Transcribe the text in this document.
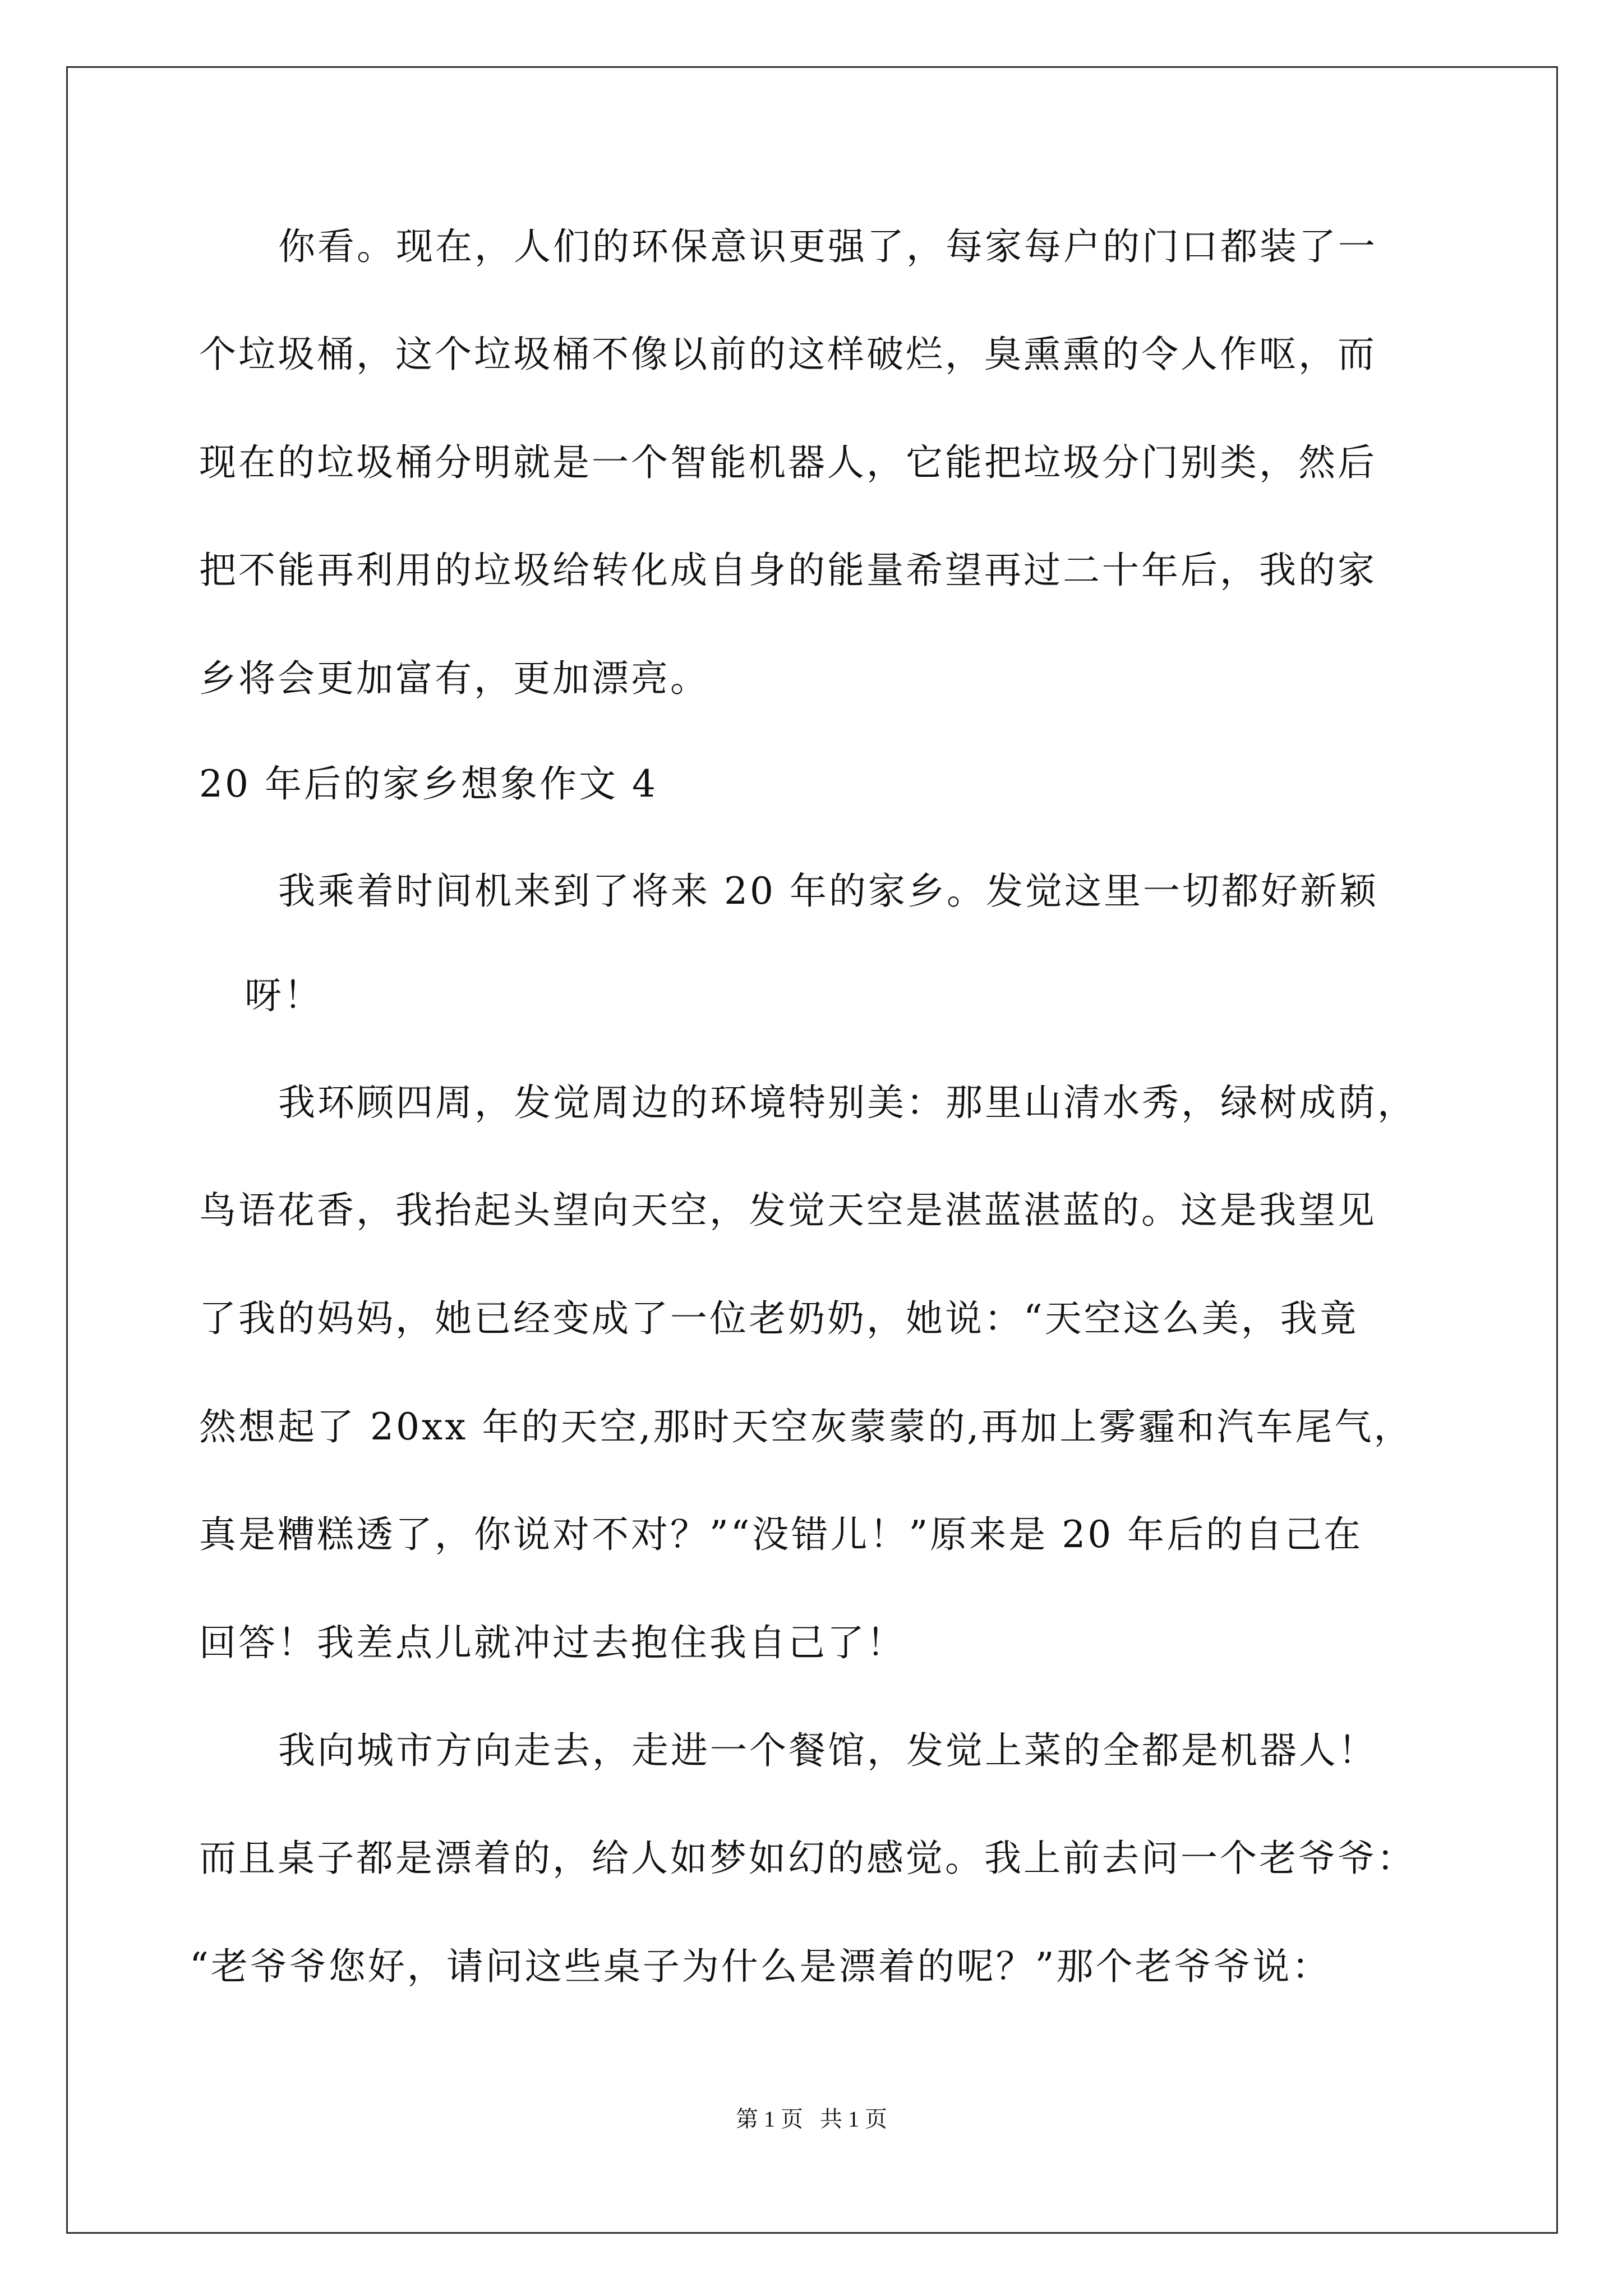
你看。现在，人们的环保意识更强了，每家每户的门口都装了一
个垃圾桶，这个垃圾桶不像以前的这样破烂，臭熏熏的令人作呕，而
现在的垃圾桶分明就是一个智能机器人，它能把垃圾分门别类，然后
把不能再利用的垃圾给转化成自身的能量希望再过二十年后，我的家
乡将会更加富有，更加漂亮。
20 年后的家乡想象作文 4
我乘着时间机来到了将来 20 年的家乡。发觉这里一切都好新颖
呀！
我环顾四周，发觉周边的环境特别美：那里山清水秀，绿树成荫，
鸟语花香，我抬起头望向天空，发觉天空是湛蓝湛蓝的。这是我望见
了我的妈妈，她已经变成了一位老奶奶，她说：“天空这么美，我竟
然想起了 20xx 年的天空,那时天空灰蒙蒙的,再加上雾霾和汽车尾气，
真是糟糕透了，你说对不对？”“没错儿！”原来是 20 年后的自己在
回答！我差点儿就冲过去抱住我自己了！
我向城市方向走去，走进一个餐馆，发觉上菜的全都是机器人！
而且桌子都是漂着的，给人如梦如幻的感觉。我上前去问一个老爷爷：
“老爷爷您好，请问这些桌子为什么是漂着的呢？”那个老爷爷说：
第 1 页   共 1 页
